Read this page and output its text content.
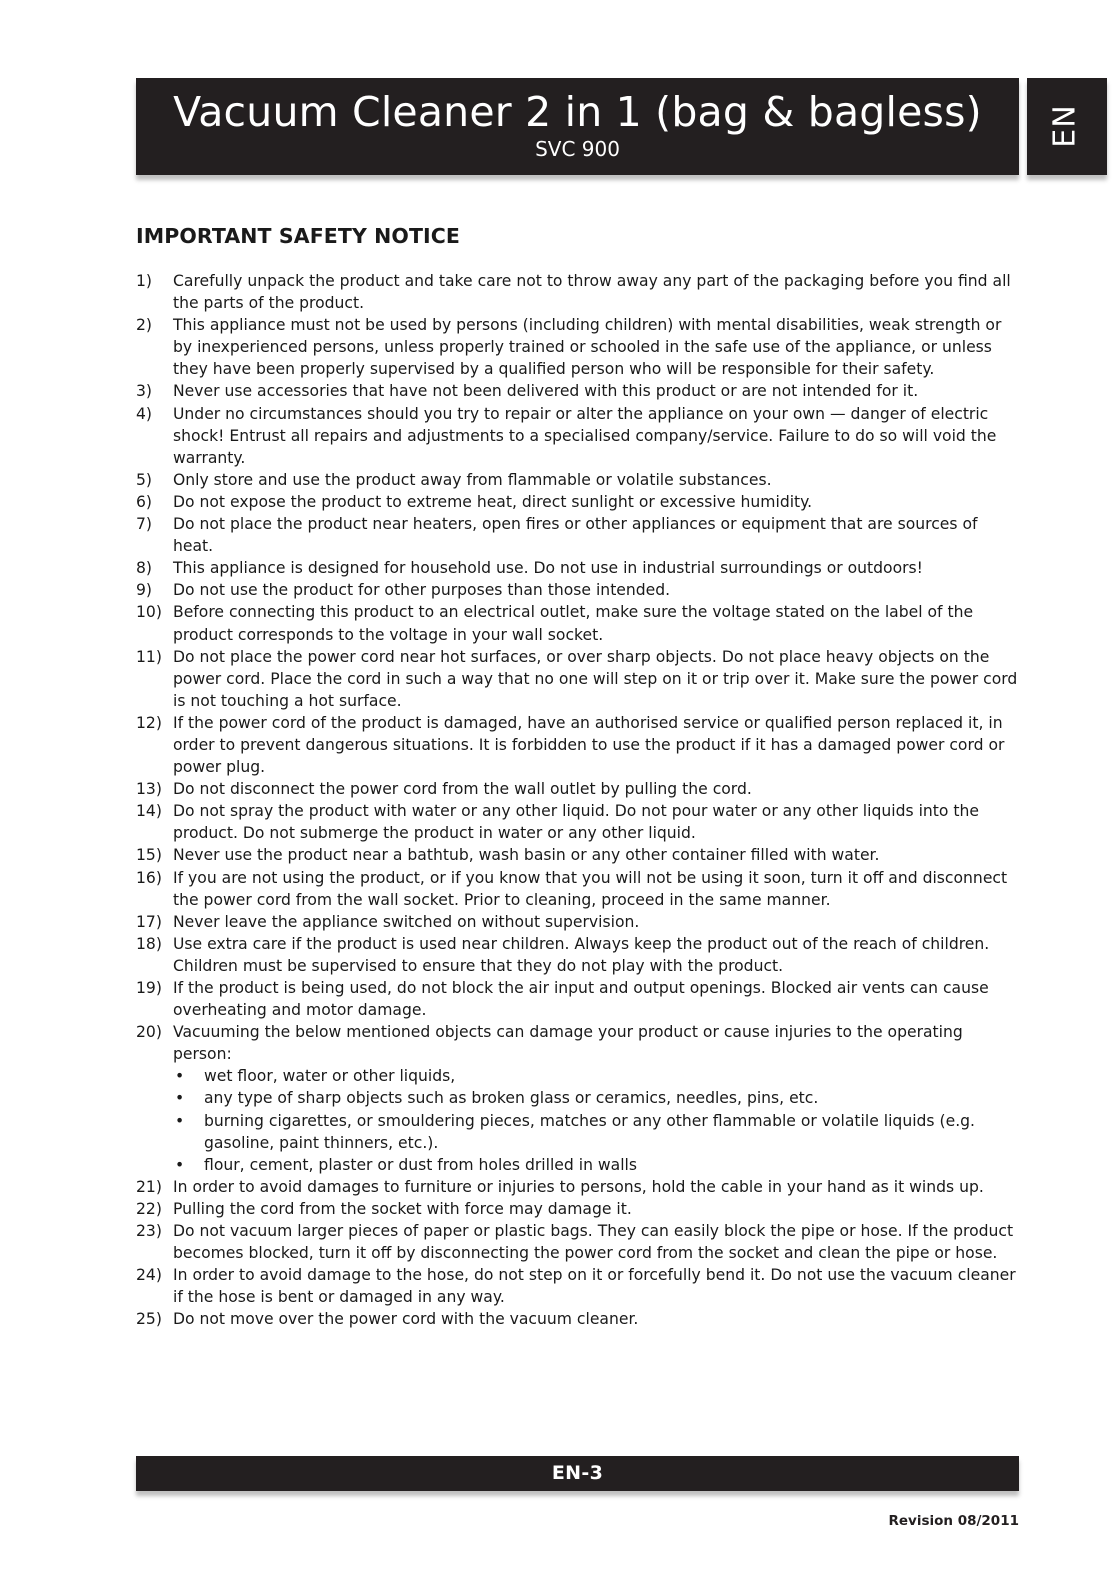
Vacuum Cleaner 2 in 1 (bag & bagless)
SVC 900
EN
IMPORTANT SAFETY NOTICE
1) Carefully unpack the product and take care not to throw away any part of the packaging before you find all the parts of the product.
2) This appliance must not be used by persons (including children) with mental disabilities, weak strength or by inexperienced persons, unless properly trained or schooled in the safe use of the appliance, or unless they have been properly supervised by a qualified person who will be responsible for their safety.
3) Never use accessories that have not been delivered with this product or are not intended for it.
4) Under no circumstances should you try to repair or alter the appliance on your own — danger of electric shock! Entrust all repairs and adjustments to a specialised company/service. Failure to do so will void the warranty.
5) Only store and use the product away from flammable or volatile substances.
6) Do not expose the product to extreme heat, direct sunlight or excessive humidity.
7) Do not place the product near heaters, open fires or other appliances or equipment that are sources of heat.
8) This appliance is designed for household use. Do not use in industrial surroundings or outdoors!
9) Do not use the product for other purposes than those intended.
10) Before connecting this product to an electrical outlet, make sure the voltage stated on the label of the product corresponds to the voltage in your wall socket.
11) Do not place the power cord near hot surfaces, or over sharp objects. Do not place heavy objects on the power cord. Place the cord in such a way that no one will step on it or trip over it. Make sure the power cord is not touching a hot surface.
12) If the power cord of the product is damaged, have an authorised service or qualified person replaced it, in order to prevent dangerous situations. It is forbidden to use the product if it has a damaged power cord or power plug.
13) Do not disconnect the power cord from the wall outlet by pulling the cord.
14) Do not spray the product with water or any other liquid. Do not pour water or any other liquids into the product. Do not submerge the product in water or any other liquid.
15) Never use the product near a bathtub, wash basin or any other container filled with water.
16) If you are not using the product, or if you know that you will not be using it soon, turn it off and disconnect the power cord from the wall socket. Prior to cleaning, proceed in the same manner.
17) Never leave the appliance switched on without supervision.
18) Use extra care if the product is used near children. Always keep the product out of the reach of children. Children must be supervised to ensure that they do not play with the product.
19) If the product is being used, do not block the air input and output openings. Blocked air vents can cause overheating and motor damage.
20) Vacuuming the below mentioned objects can damage your product or cause injuries to the operating person:
• wet floor, water or other liquids,
• any type of sharp objects such as broken glass or ceramics, needles, pins, etc.
• burning cigarettes, or smouldering pieces, matches or any other flammable or volatile liquids (e.g. gasoline, paint thinners, etc.).
• flour, cement, plaster or dust from holes drilled in walls
21) In order to avoid damages to furniture or injuries to persons, hold the cable in your hand as it winds up.
22) Pulling the cord from the socket with force may damage it.
23) Do not vacuum larger pieces of paper or plastic bags. They can easily block the pipe or hose. If the product becomes blocked, turn it off by disconnecting the power cord from the socket and clean the pipe or hose.
24) In order to avoid damage to the hose, do not step on it or forcefully bend it. Do not use the vacuum cleaner if the hose is bent or damaged in any way.
25) Do not move over the power cord with the vacuum cleaner.
EN-3
Revision 08/2011
